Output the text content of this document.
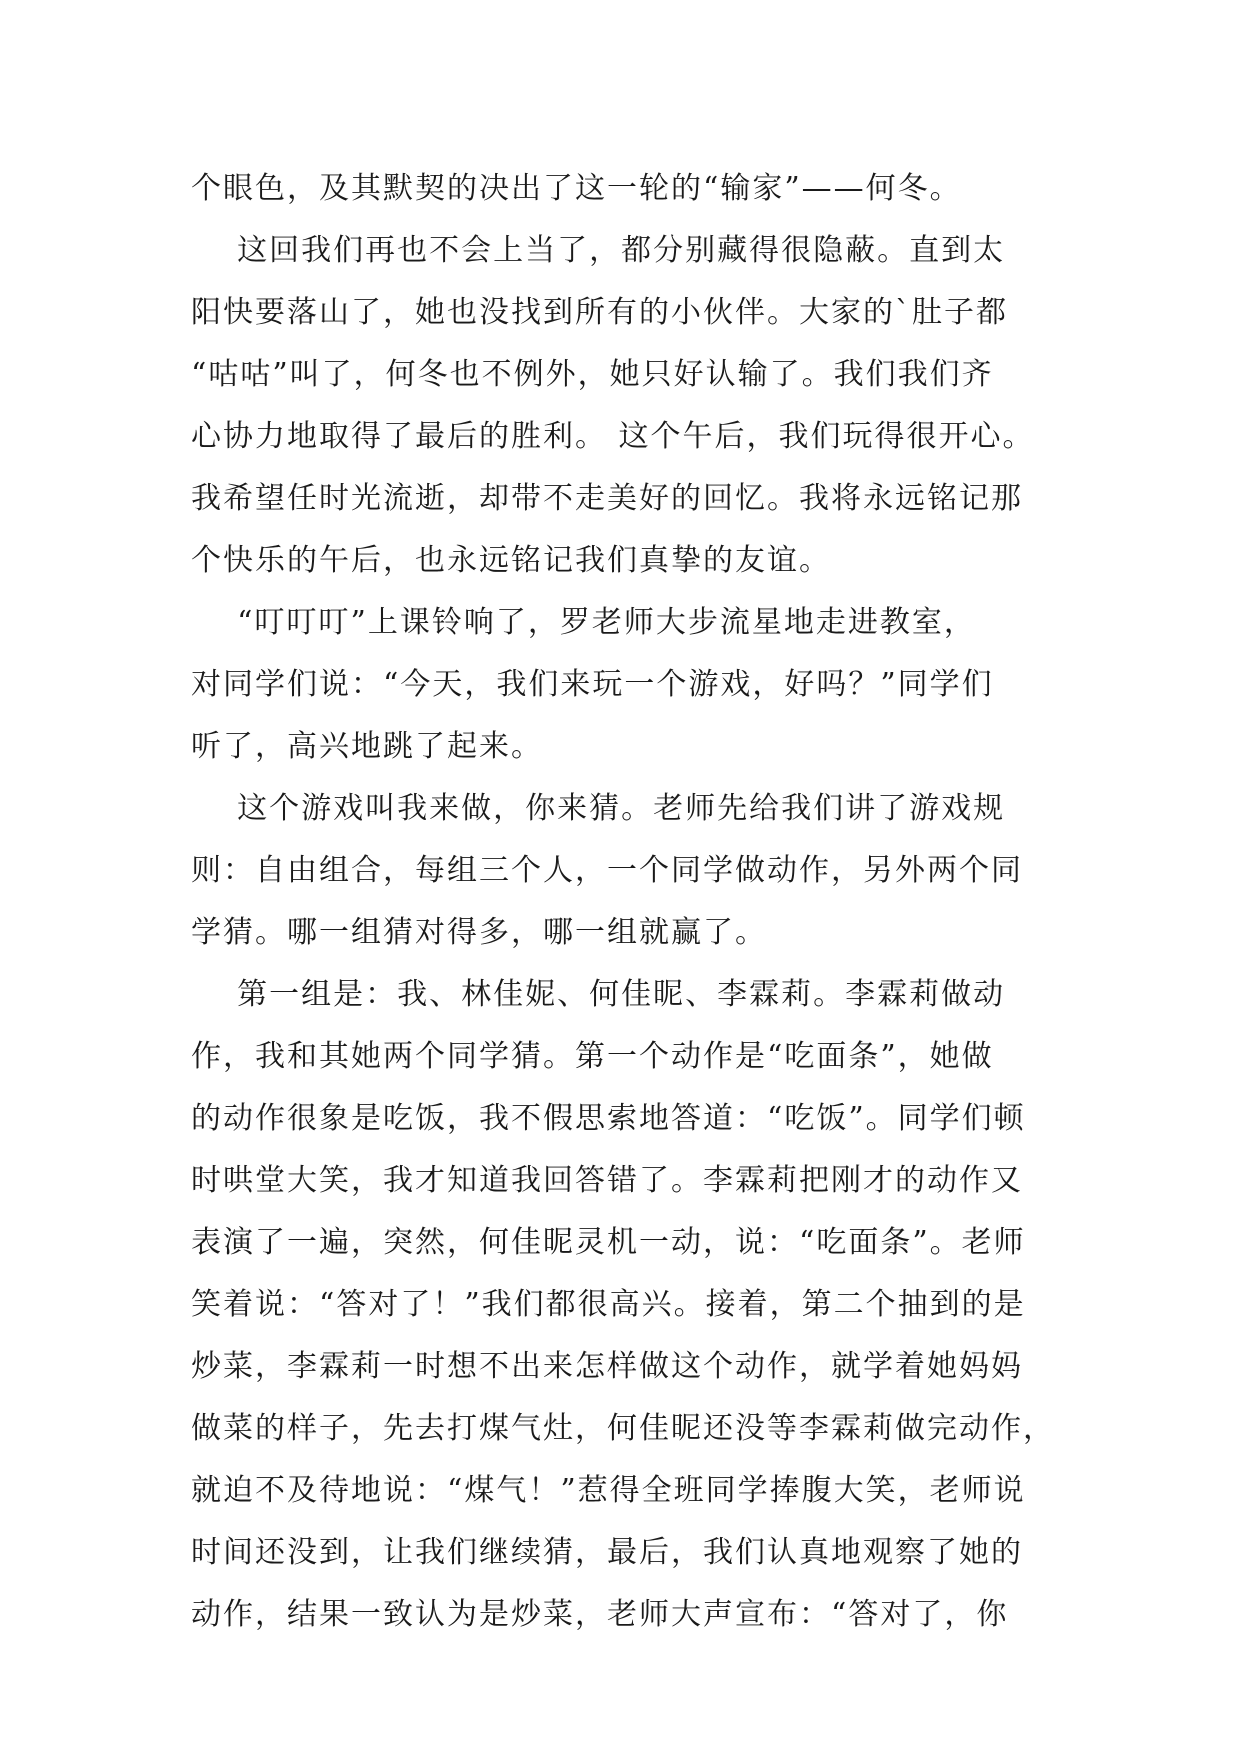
个眼色，及其默契的决出了这一轮的“输家”——何冬。
这回我们再也不会上当了，都分别藏得很隐蔽。直到太
阳快要落山了，她也没找到所有的小伙伴。大家的`肚子都
“咕咕”叫了，何冬也不例外，她只好认输了。我们我们齐
心协力地取得了最后的胜利。 这个午后，我们玩得很开心。
我希望任时光流逝，却带不走美好的回忆。我将永远铭记那
个快乐的午后，也永远铭记我们真挚的友谊。
“叮叮叮”上课铃响了，罗老师大步流星地走进教室，
对同学们说：“今天，我们来玩一个游戏，好吗？”同学们
听了，高兴地跳了起来。
这个游戏叫我来做，你来猜。老师先给我们讲了游戏规
则：自由组合，每组三个人，一个同学做动作，另外两个同
学猜。哪一组猜对得多，哪一组就赢了。
第一组是：我、林佳妮、何佳昵、李霖莉。李霖莉做动
作，我和其她两个同学猜。第一个动作是“吃面条”，她做
的动作很象是吃饭，我不假思索地答道：“吃饭”。同学们顿
时哄堂大笑，我才知道我回答错了。李霖莉把刚才的动作又
表演了一遍，突然，何佳昵灵机一动，说：“吃面条”。老师
笑着说：“答对了！”我们都很高兴。接着，第二个抽到的是
炒菜，李霖莉一时想不出来怎样做这个动作，就学着她妈妈
做菜的样子，先去打煤气灶，何佳昵还没等李霖莉做完动作，
就迫不及待地说：“煤气！”惹得全班同学捧腹大笑，老师说
时间还没到，让我们继续猜，最后，我们认真地观察了她的
动作，结果一致认为是炒菜，老师大声宣布：“答对了，你
